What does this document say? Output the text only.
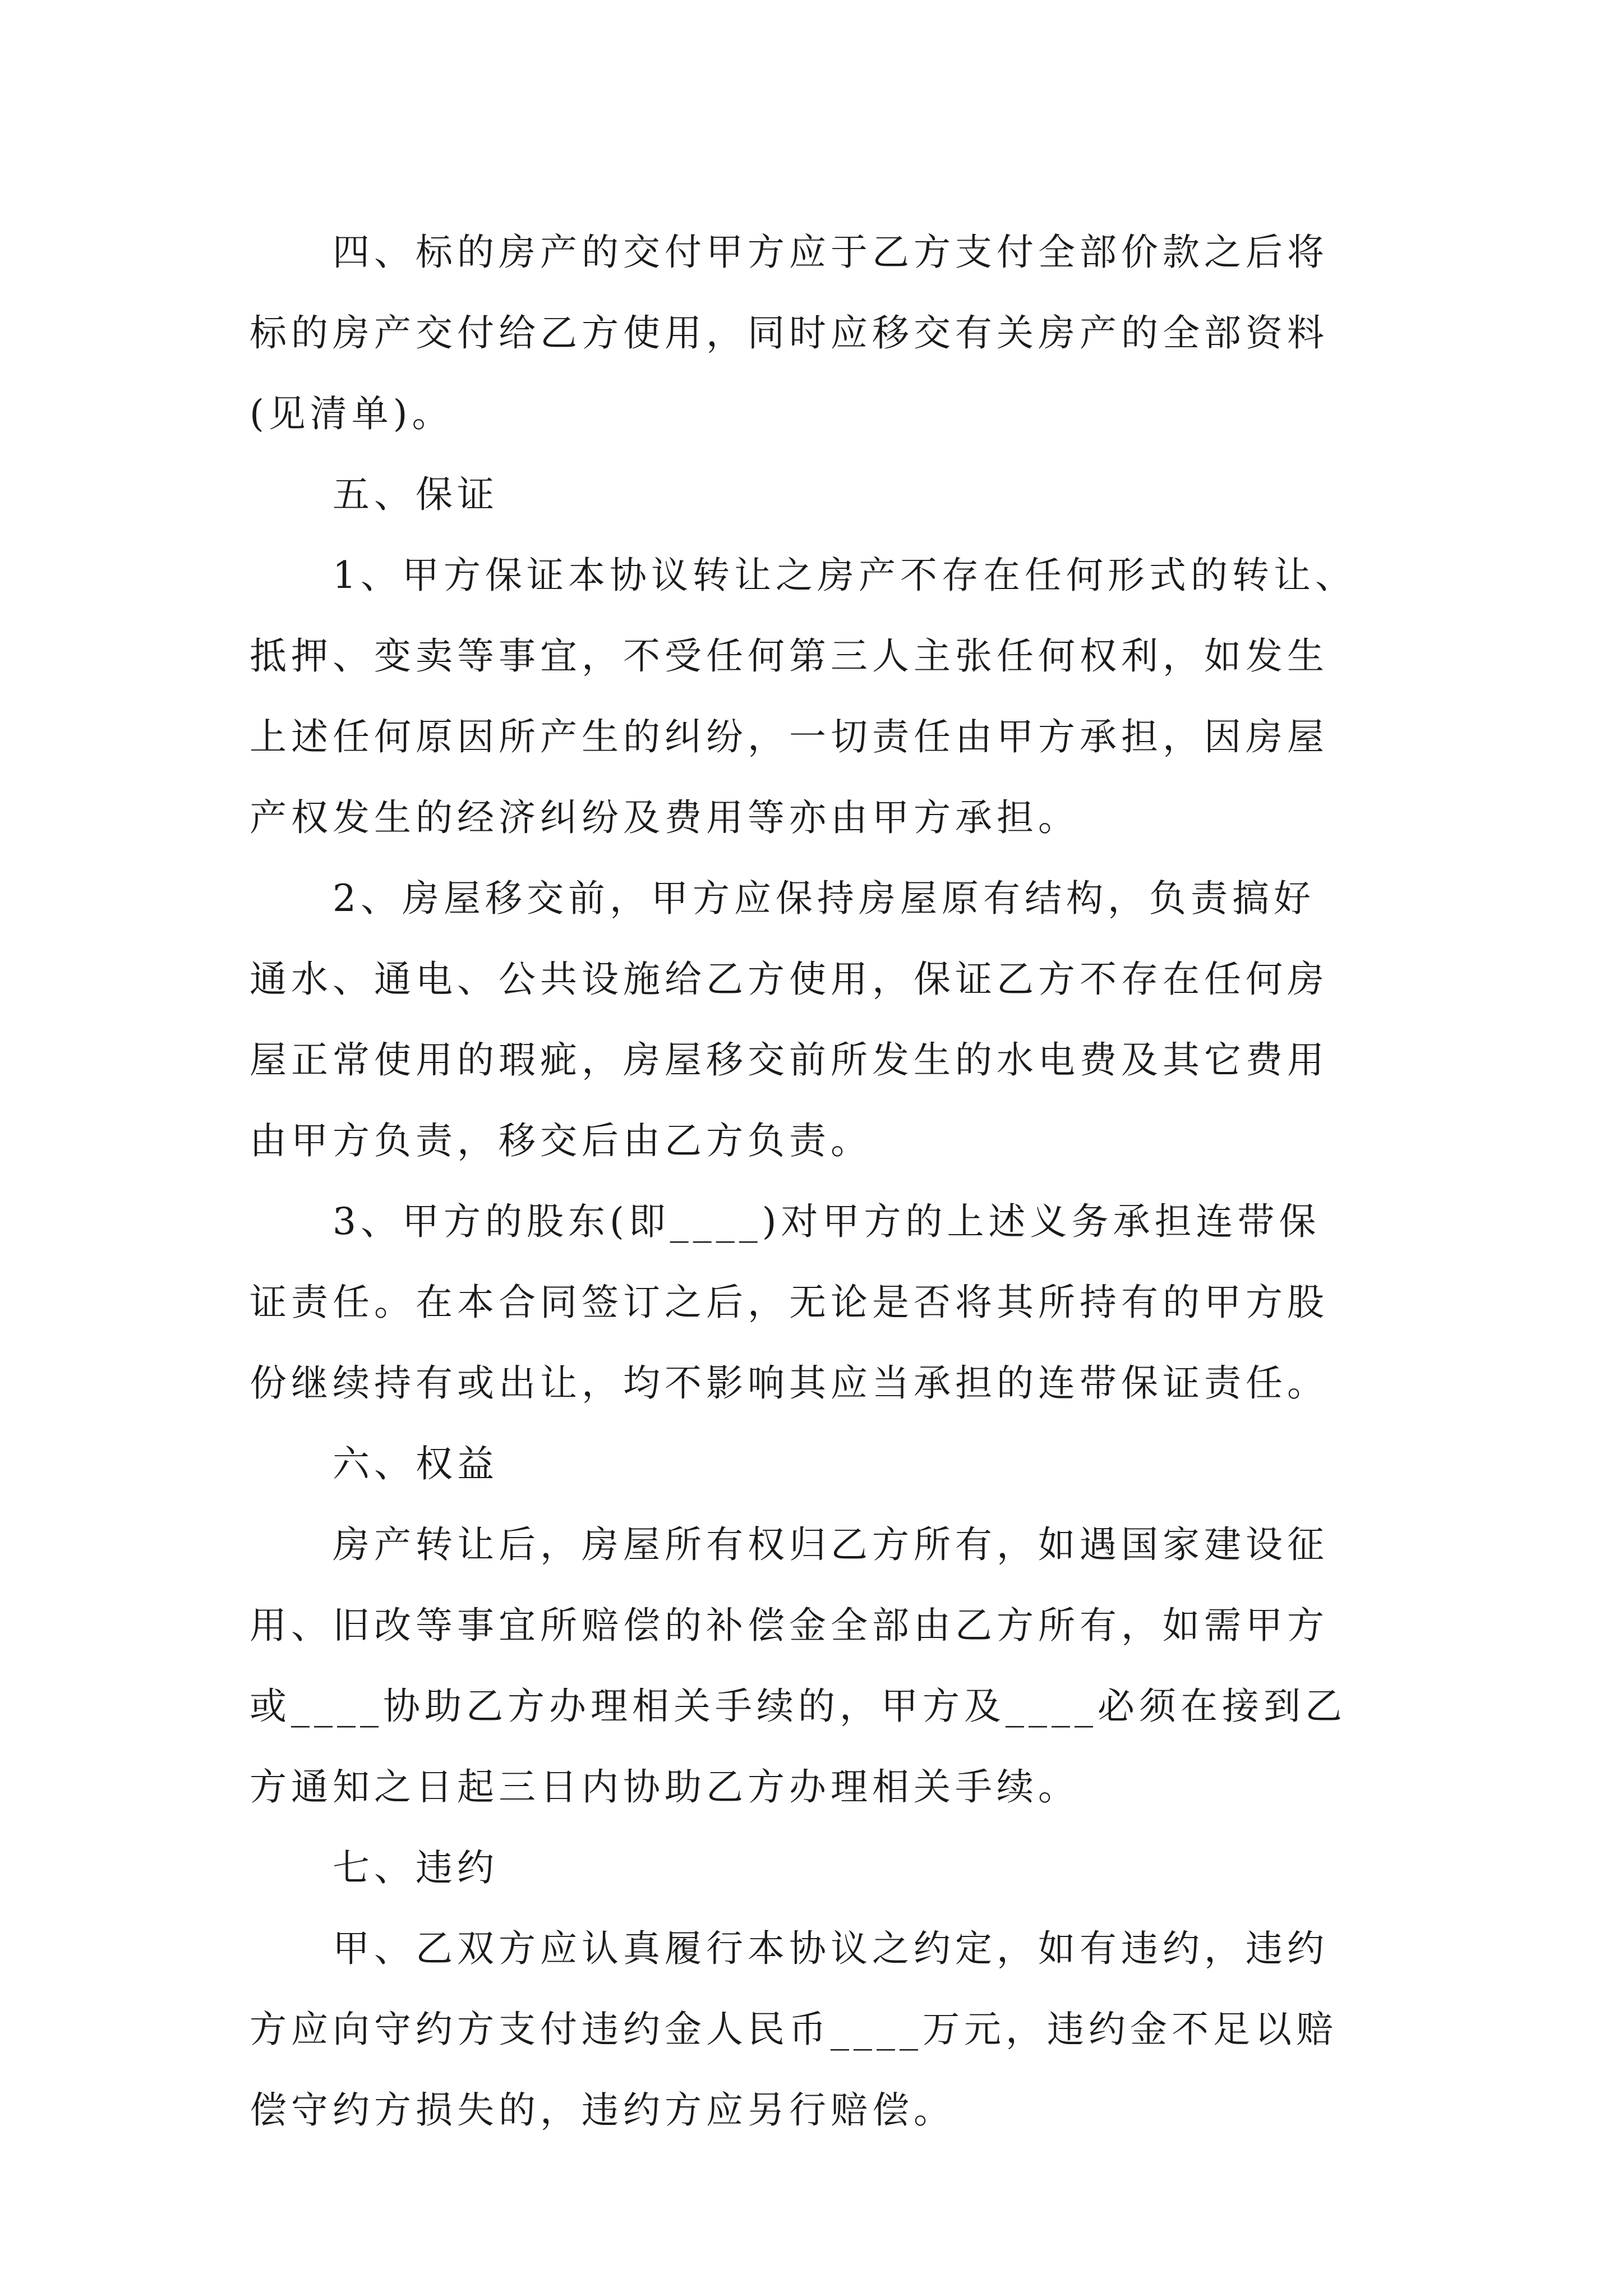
四、标的房产的交付甲方应于乙方支付全部价款之后将
标的房产交付给乙方使用，同时应移交有关房产的全部资料
(见清单)。
五、保证
1、甲方保证本协议转让之房产不存在任何形式的转让、
抵押、变卖等事宜，不受任何第三人主张任何权利，如发生
上述任何原因所产生的纠纷，一切责任由甲方承担，因房屋
产权发生的经济纠纷及费用等亦由甲方承担。
2、房屋移交前，甲方应保持房屋原有结构，负责搞好
通水、通电、公共设施给乙方使用，保证乙方不存在任何房
屋正常使用的瑕疵，房屋移交前所发生的水电费及其它费用
由甲方负责，移交后由乙方负责。
3、甲方的股东(即____)对甲方的上述义务承担连带保
证责任。在本合同签订之后，无论是否将其所持有的甲方股
份继续持有或出让，均不影响其应当承担的连带保证责任。
六、权益
房产转让后，房屋所有权归乙方所有，如遇国家建设征
用、旧改等事宜所赔偿的补偿金全部由乙方所有，如需甲方
或____协助乙方办理相关手续的，甲方及____必须在接到乙
方通知之日起三日内协助乙方办理相关手续。
七、违约
甲、乙双方应认真履行本协议之约定，如有违约，违约
方应向守约方支付违约金人民币____万元，违约金不足以赔
偿守约方损失的，违约方应另行赔偿。
